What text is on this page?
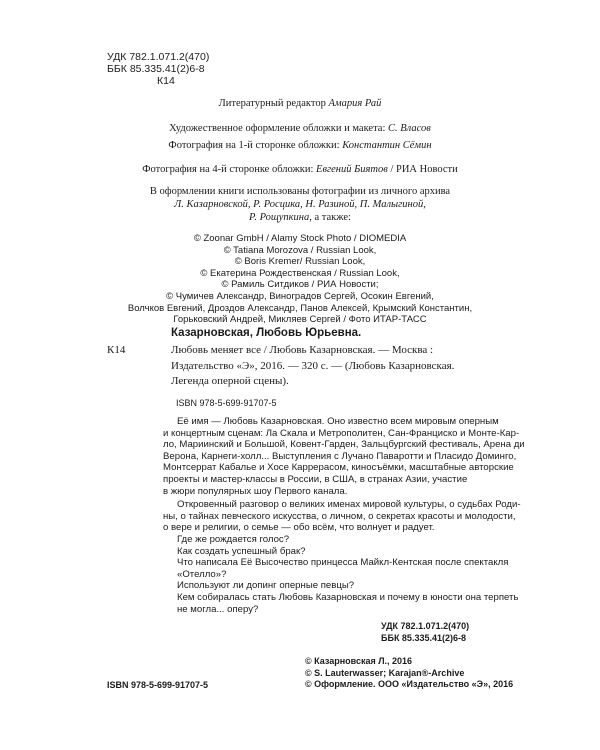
УДК 782.1.071.2(470)
ББК 85.335.41(2)6-8
К14
Литературный редактор Амария Рай
Художественное оформление обложки и макета: С. Власов
Фотография на 1-й сторонке обложки: Константин Сёмин
Фотография на 4-й сторонке обложки: Евгений Биятов / РИА Новости
В оформлении книги использованы фотографии из личного архива
Л. Казарновской, Р. Росцика, Н. Разиной, П. Малыгиной,
Р. Рощупкина, а также:
© Zoonar GmbH / Alamy Stock Photo / DIOMEDIA
© Tatiana Morozova / Russian Look,
© Boris Kremer/ Russian Look,
© Екатерина Рождественская / Russian Look,
© Рамиль Ситдиков / РИА Новости;
© Чумичев Александр, Виноградов Сергей, Осокин Евгений,
Волчков Евгений, Дроздов Александр, Панов Алексей, Крымский Константин,
Горьковский Андрей, Микляев Сергей / Фото ИТАР-ТАСС
Казарновская, Любовь Юрьевна.
К14	Любовь меняет все / Любовь Казарновская. — Москва :
Издательство «Э», 2016. — 320 с. — (Любовь Казарновская.
Легенда оперной сцены).
ISBN 978-5-699-91707-5
Её имя — Любовь Казарновская. Оно известно всем мировым оперным
и концертным сценам: Ла Скала и Метрополитен, Сан-Франциско и Монте-Кар-
ло, Мариинский и Большой, Ковент-Гарден, Зальцбургский фестиваль, Арена ди
Верона, Карнеги-холл... Выступления с Лучано Паваротти и Пласидо Доминго,
Монтсеррат Кабалье и Хосе Каррерасом, киносъёмки, масштабные авторские
проекты и мастер-классы в России, в США, в странах Азии, участие
в жюри популярных шоу Первого канала.
Откровенный разговор о великих именах мировой культуры, о судьбах Роди-
ны, о тайнах певческого искусства, о личном, о секретах красоты и молодости,
о вере и религии, о семье — обо всём, что волнует и радует.
Где же рождается голос?
Как создать успешный брак?
Что написала Её Высочество принцесса Майкл-Кентская после спектакля
«Отелло»?
Используют ли допинг оперные певцы?
Кем собиралась стать Любовь Казарновская и почему в юности она терпеть
не могла... оперу?
УДК 782.1.071.2(470)
ББК 85.335.41(2)6-8
ISBN 978-5-699-91707-5
© Казарновская Л., 2016
© S. Lauterwasser; Karajan®-Archive
© Оформление. ООО «Издательство «Э», 2016
